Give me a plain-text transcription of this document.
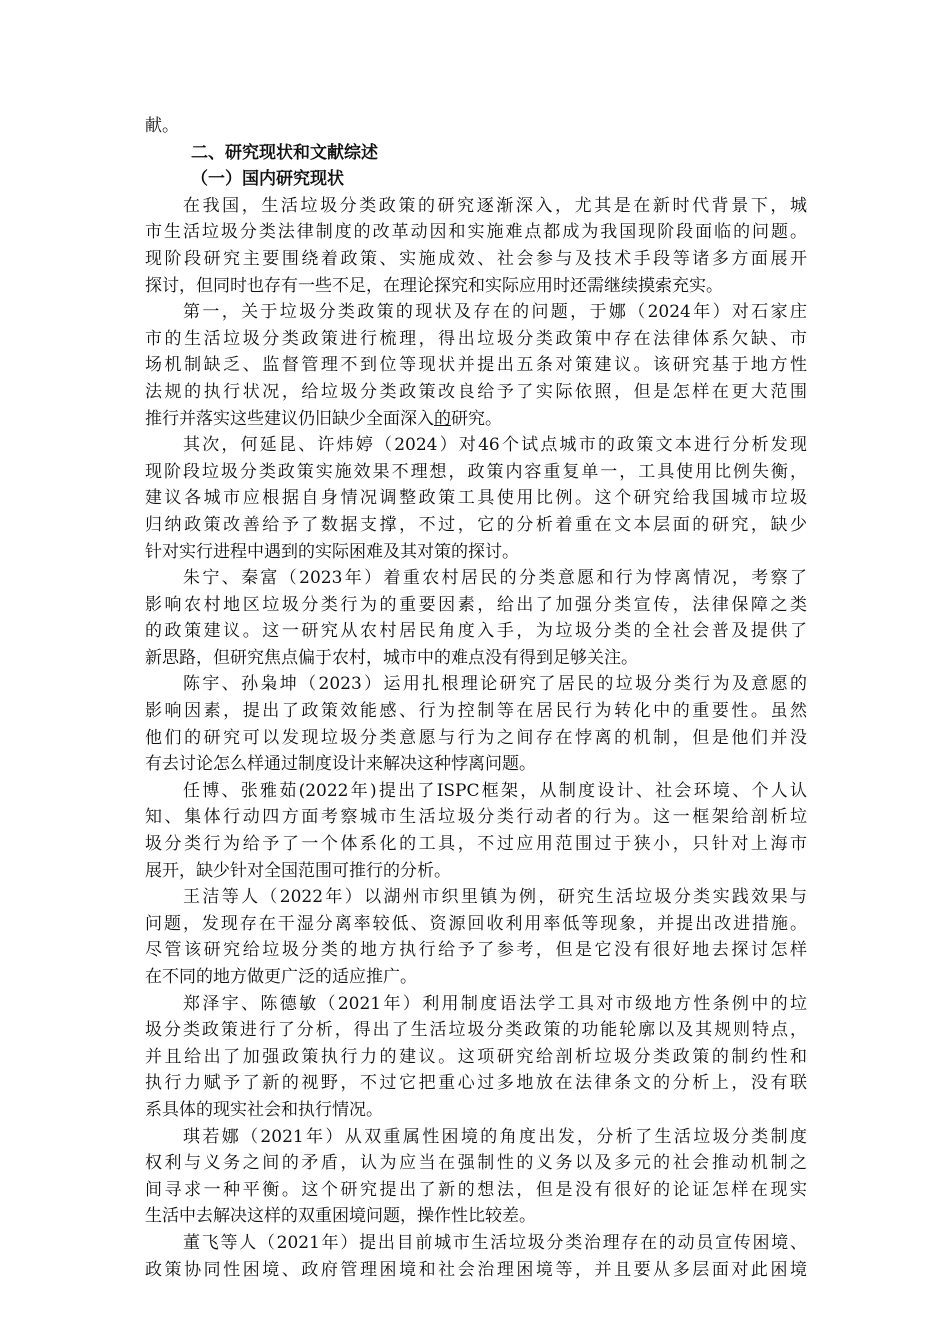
献。
二、研究现状和文献综述
（一）国内研究现状
在我国，生活垃圾分类政策的研究逐渐深入，尤其是在新时代背景下，城
市生活垃圾分类法律制度的改革动因和实施难点都成为我国现阶段面临的问题。
现阶段研究主要围绕着政策、实施成效、社会参与及技术手段等诸多方面展开
探讨，但同时也存有一些不足，在理论探究和实际应用时还需继续摸索充实。
第一，关于垃圾分类政策的现状及存在的问题，于娜（2024年）对石家庄
市的生活垃圾分类政策进行梳理，得出垃圾分类政策中存在法律体系欠缺、市
场机制缺乏、监督管理不到位等现状并提出五条对策建议。该研究基于地方性
法规的执行状况，给垃圾分类政策改良给予了实际依照，但是怎样在更大范围
推行并落实这些建议仍旧缺少全面深入的研究。
其次，何延昆、许炜婷（2024）对46个试点城市的政策文本进行分析发现
现阶段垃圾分类政策实施效果不理想，政策内容重复单一，工具使用比例失衡，
建议各城市应根据自身情况调整政策工具使用比例。这个研究给我国城市垃圾
归纳政策改善给予了数据支撑，不过，它的分析着重在文本层面的研究，缺少
针对实行进程中遇到的实际困难及其对策的探讨。
朱宁、秦富（2023年）着重农村居民的分类意愿和行为悖离情况，考察了
影响农村地区垃圾分类行为的重要因素，给出了加强分类宣传，法律保障之类
的政策建议。这一研究从农村居民角度入手，为垃圾分类的全社会普及提供了
新思路，但研究焦点偏于农村，城市中的难点没有得到足够关注。
陈宇、孙枭坤（2023）运用扎根理论研究了居民的垃圾分类行为及意愿的
影响因素，提出了政策效能感、行为控制等在居民行为转化中的重要性。虽然
他们的研究可以发现垃圾分类意愿与行为之间存在悖离的机制，但是他们并没
有去讨论怎么样通过制度设计来解决这种悖离问题。
任博、张雅茹(2022年)提出了ISPC框架，从制度设计、社会环境、个人认
知、集体行动四方面考察城市生活垃圾分类行动者的行为。这一框架给剖析垃
圾分类行为给予了一个体系化的工具，不过应用范围过于狭小，只针对上海市
展开，缺少针对全国范围可推行的分析。
王洁等人（2022年）以湖州市织里镇为例，研究生活垃圾分类实践效果与
问题，发现存在干湿分离率较低、资源回收利用率低等现象，并提出改进措施。
尽管该研究给垃圾分类的地方执行给予了参考，但是它没有很好地去探讨怎样
在不同的地方做更广泛的适应推广。
郑泽宇、陈德敏（2021年）利用制度语法学工具对市级地方性条例中的垃
圾分类政策进行了分析，得出了生活垃圾分类政策的功能轮廓以及其规则特点，
并且给出了加强政策执行力的建议。这项研究给剖析垃圾分类政策的制约性和
执行力赋予了新的视野，不过它把重心过多地放在法律条文的分析上，没有联
系具体的现实社会和执行情况。
琪若娜（2021年）从双重属性困境的角度出发，分析了生活垃圾分类制度
权利与义务之间的矛盾，认为应当在强制性的义务以及多元的社会推动机制之
间寻求一种平衡。这个研究提出了新的想法，但是没有很好的论证怎样在现实
生活中去解决这样的双重困境问题，操作性比较差。
董飞等人（2021年）提出目前城市生活垃圾分类治理存在的动员宣传困境、
政策协同性困境、政府管理困境和社会治理困境等，并且要从多层面对此困境
